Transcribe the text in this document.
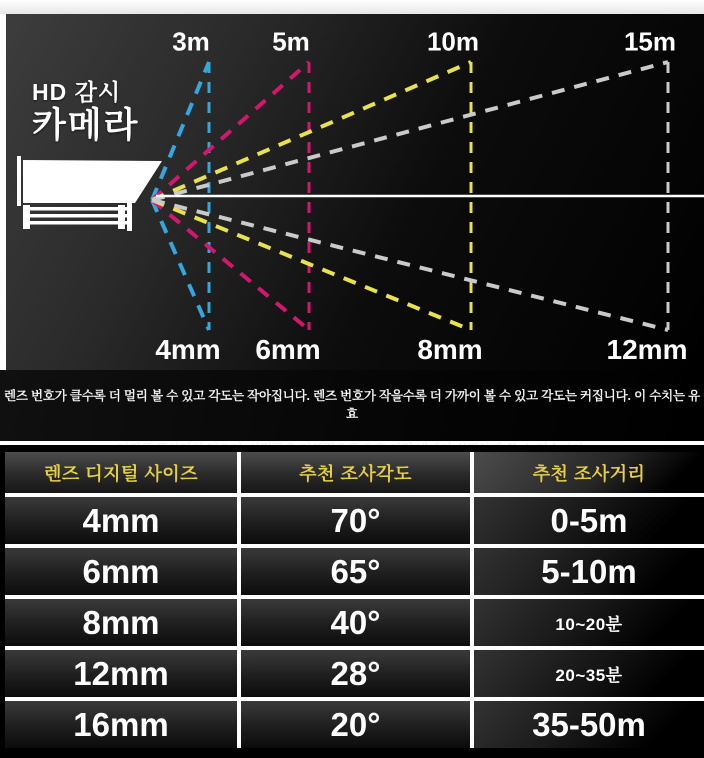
HD 감시
카메라
3m
4mm
5m
6mm
10m
8mm
15m
12mm

렌즈 번호가 클수록 더 멀리 볼 수 있고 각도는 작아집니다. 렌즈 번호가 작을수록 더 가까이 볼 수 있고 각도는 커집니다. 이 수치는 유효

렌즈 디지털 사이즈	추천 조사각도	추천 조사거리
4mm	70°	0-5m
6mm	65°	5-10m
8mm	40°	10~20분
12mm	28°	20~35분
16mm	20°	35-50m
